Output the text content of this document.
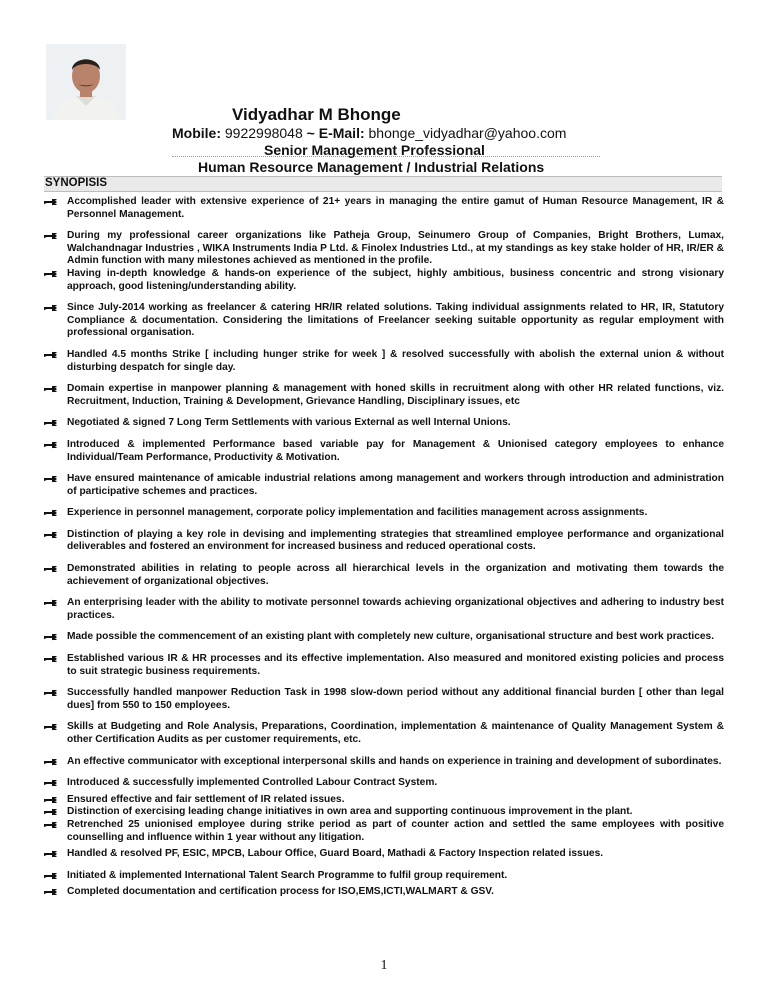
Vidyadhar M Bhonge
Mobile: 9922998048 ~ E-Mail: bhonge_vidyadhar@yahoo.com
Senior Management Professional
Human Resource Management / Industrial Relations
SYNOPISIS
Accomplished leader with extensive experience of 21+ years in managing the entire gamut of Human Resource Management, IR & Personnel Management.
During my professional career organizations like Patheja Group, Seinumero Group of Companies, Bright Brothers, Lumax, Walchandnagar Industries , WIKA Instruments India P Ltd. & Finolex Industries Ltd., at my standings as key stake holder of HR, IR/ER & Admin function with many milestones achieved as mentioned in the profile.
Having in-depth knowledge & hands-on experience of the subject, highly ambitious, business concentric and strong visionary approach, good listening/understanding ability.
Since July-2014 working as freelancer & catering HR/IR related solutions. Taking individual assignments related to HR, IR, Statutory Compliance & documentation. Considering the limitations of Freelancer seeking suitable opportunity as regular employment with professional organisation.
Handled 4.5 months Strike [ including hunger strike for week ] & resolved successfully with abolish the external union & without disturbing despatch for single day.
Domain expertise in manpower planning & management with honed skills in recruitment along with other HR related functions, viz. Recruitment, Induction, Training & Development, Grievance Handling, Disciplinary issues, etc
Negotiated & signed 7 Long Term Settlements with various External as well Internal Unions.
Introduced & implemented Performance based variable pay for Management & Unionised category employees to enhance Individual/Team Performance, Productivity & Motivation.
Have ensured maintenance of amicable industrial relations among management and workers through introduction and administration of participative schemes and practices.
Experience in personnel management, corporate policy implementation and facilities management across assignments.
Distinction of playing a key role in devising and implementing strategies that streamlined employee performance and organizational deliverables and fostered an environment for increased business and reduced operational costs.
Demonstrated abilities in relating to people across all hierarchical levels in the organization and motivating them towards the achievement of organizational objectives.
An enterprising leader with the ability to motivate personnel towards achieving organizational objectives and adhering to industry best practices.
Made possible the commencement of an existing plant with completely new culture, organisational structure and best work practices.
Established various IR & HR processes and its effective implementation. Also measured and monitored existing policies and process to suit strategic business requirements.
Successfully handled manpower Reduction Task in 1998 slow-down period without any additional financial burden [ other than legal dues] from 550 to 150 employees.
Skills at Budgeting and Role Analysis, Preparations, Coordination, implementation & maintenance of Quality Management System & other Certification Audits as per customer requirements, etc.
An effective communicator with exceptional interpersonal skills and hands on experience in training and development of subordinates.
Introduced & successfully implemented Controlled Labour Contract System.
Ensured effective and fair settlement of IR related issues.
Distinction of exercising leading change initiatives in own area and supporting continuous improvement in the plant.
Retrenched 25 unionised employee during strike period as part of counter action and settled the same employees with positive counselling and influence within 1 year without any litigation.
Handled & resolved PF, ESIC, MPCB, Labour Office, Guard Board, Mathadi & Factory Inspection related issues.
Initiated & implemented International Talent Search Programme to fulfil group requirement.
Completed documentation and certification process for ISO,EMS,ICTI,WALMART & GSV.
1
